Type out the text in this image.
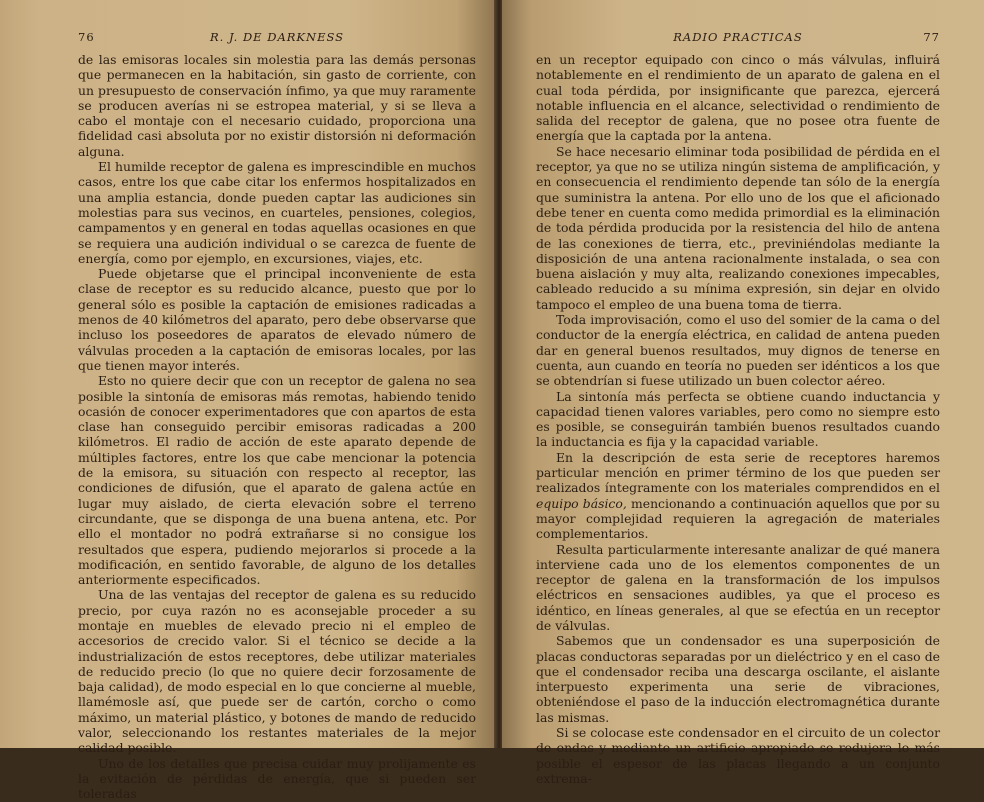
76	R. J. DE DARKNESS

de las emisoras locales sin molestia para las demás personas que permanecen en la habitación, sin gasto de corriente, con un presupuesto de conservación ínfimo, ya que muy raramente se producen averías ni se estropea material, y si se lleva a cabo el montaje con el necesario cuidado, proporciona una fidelidad casi absoluta por no existir distorsión ni deformación alguna.

El humilde receptor de galena es imprescindible en muchos casos, entre los que cabe citar los enfermos hospitalizados en una amplia estancia, donde pueden captar las audiciones sin molestias para sus vecinos, en cuarteles, pensiones, colegios, campamentos y en general en todas aquellas ocasiones en que se requiera una audición individual o se carezca de fuente de energía, como por ejemplo, en excursiones, viajes, etc.

Puede objetarse que el principal inconveniente de esta clase de receptor es su reducido alcance, puesto que por lo general sólo es posible la captación de emisiones radicadas a menos de 40 kilómetros del aparato, pero debe observarse que incluso los poseedores de aparatos de elevado número de válvulas proceden a la captación de emisoras locales, por las que tienen mayor interés.

Esto no quiere decir que con un receptor de galena no sea posible la sintonía de emisoras más remotas, habiendo tenido ocasión de conocer experimentadores que con apartos de esta clase han conseguido percibir emisoras radicadas a 200 kilómetros. El radio de acción de este aparato depende de múltiples factores, entre los que cabe mencionar la potencia de la emisora, su situación con respecto al receptor, las condiciones de difusión, que el aparato de galena actúe en lugar muy aislado, de cierta elevación sobre el terreno circundante, que se disponga de una buena antena, etc. Por ello el montador no podrá extrañarse si no consigue los resultados que espera, pudiendo mejorarlos si procede a la modificación, en sentido favorable, de alguno de los detalles anteriormente especificados.

Una de las ventajas del receptor de galena es su reducido precio, por cuya razón no es aconsejable proceder a su montaje en muebles de elevado precio ni el empleo de accesorios de crecido valor. Si el técnico se decide a la industrialización de estos receptores, debe utilizar materiales de reducido precio (lo que no quiere decir forzosamente de baja calidad), de modo especial en lo que concierne al mueble, llamémosle así, que puede ser de cartón, corcho o como máximo, un material plástico, y botones de mando de reducido valor, seleccionando los restantes materiales de la mejor calidad posible.

Uno de los detalles que precisa cuidar muy prolijamente es la evitación de pérdidas de energía, que si pueden ser toleradas

RADIO PRACTICAS	77

en un receptor equipado con cinco o más válvulas, influirá notablemente en el rendimiento de un aparato de galena en el cual toda pérdida, por insignificante que parezca, ejercerá notable influencia en el alcance, selectividad o rendimiento de salida del receptor de galena, que no posee otra fuente de energía que la captada por la antena.

Se hace necesario eliminar toda posibilidad de pérdida en el receptor, ya que no se utiliza ningún sistema de amplificación, y en consecuencia el rendimiento depende tan sólo de la energía que suministra la antena. Por ello uno de los que el aficionado debe tener en cuenta como medida primordial es la eliminación de toda pérdida producida por la resistencia del hilo de antena de las conexiones de tierra, etc., previniéndolas mediante la disposición de una antena racionalmente instalada, o sea con buena aislación y muy alta, realizando conexiones impecables, cableado reducido a su mínima expresión, sin dejar en olvido tampoco el empleo de una buena toma de tierra.

Toda improvisación, como el uso del somier de la cama o del conductor de la energía eléctrica, en calidad de antena pueden dar en general buenos resultados, muy dignos de tenerse en cuenta, aun cuando en teoría no pueden ser idénticos a los que se obtendrían si fuese utilizado un buen colector aéreo.

La sintonía más perfecta se obtiene cuando inductancia y capacidad tienen valores variables, pero como no siempre esto es posible, se conseguirán también buenos resultados cuando la inductancia es fija y la capacidad variable.

En la descripción de esta serie de receptores haremos particular mención en primer término de los que pueden ser realizados íntegramente con los materiales comprendidos en el equipo básico, mencionando a continuación aquellos que por su mayor complejidad requieren la agregación de materiales complementarios.

Resulta particularmente interesante analizar de qué manera interviene cada uno de los elementos componentes de un receptor de galena en la transformación de los impulsos eléctricos en sensaciones audibles, ya que el proceso es idéntico, en líneas generales, al que se efectúa en un receptor de válvulas.

Sabemos que un condensador es una superposición de placas conductoras separadas por un dieléctrico y en el caso de que el condensador reciba una descarga oscilante, el aislante interpuesto experimenta una serie de vibraciones, obteniéndose el paso de la inducción electromagnética durante las mismas.

Si se colocase este condensador en el circuito de un colector de ondas y mediante un artificio apropiado se redujera lo más posible el espesor de las placas llegando a un conjunto extrema-
